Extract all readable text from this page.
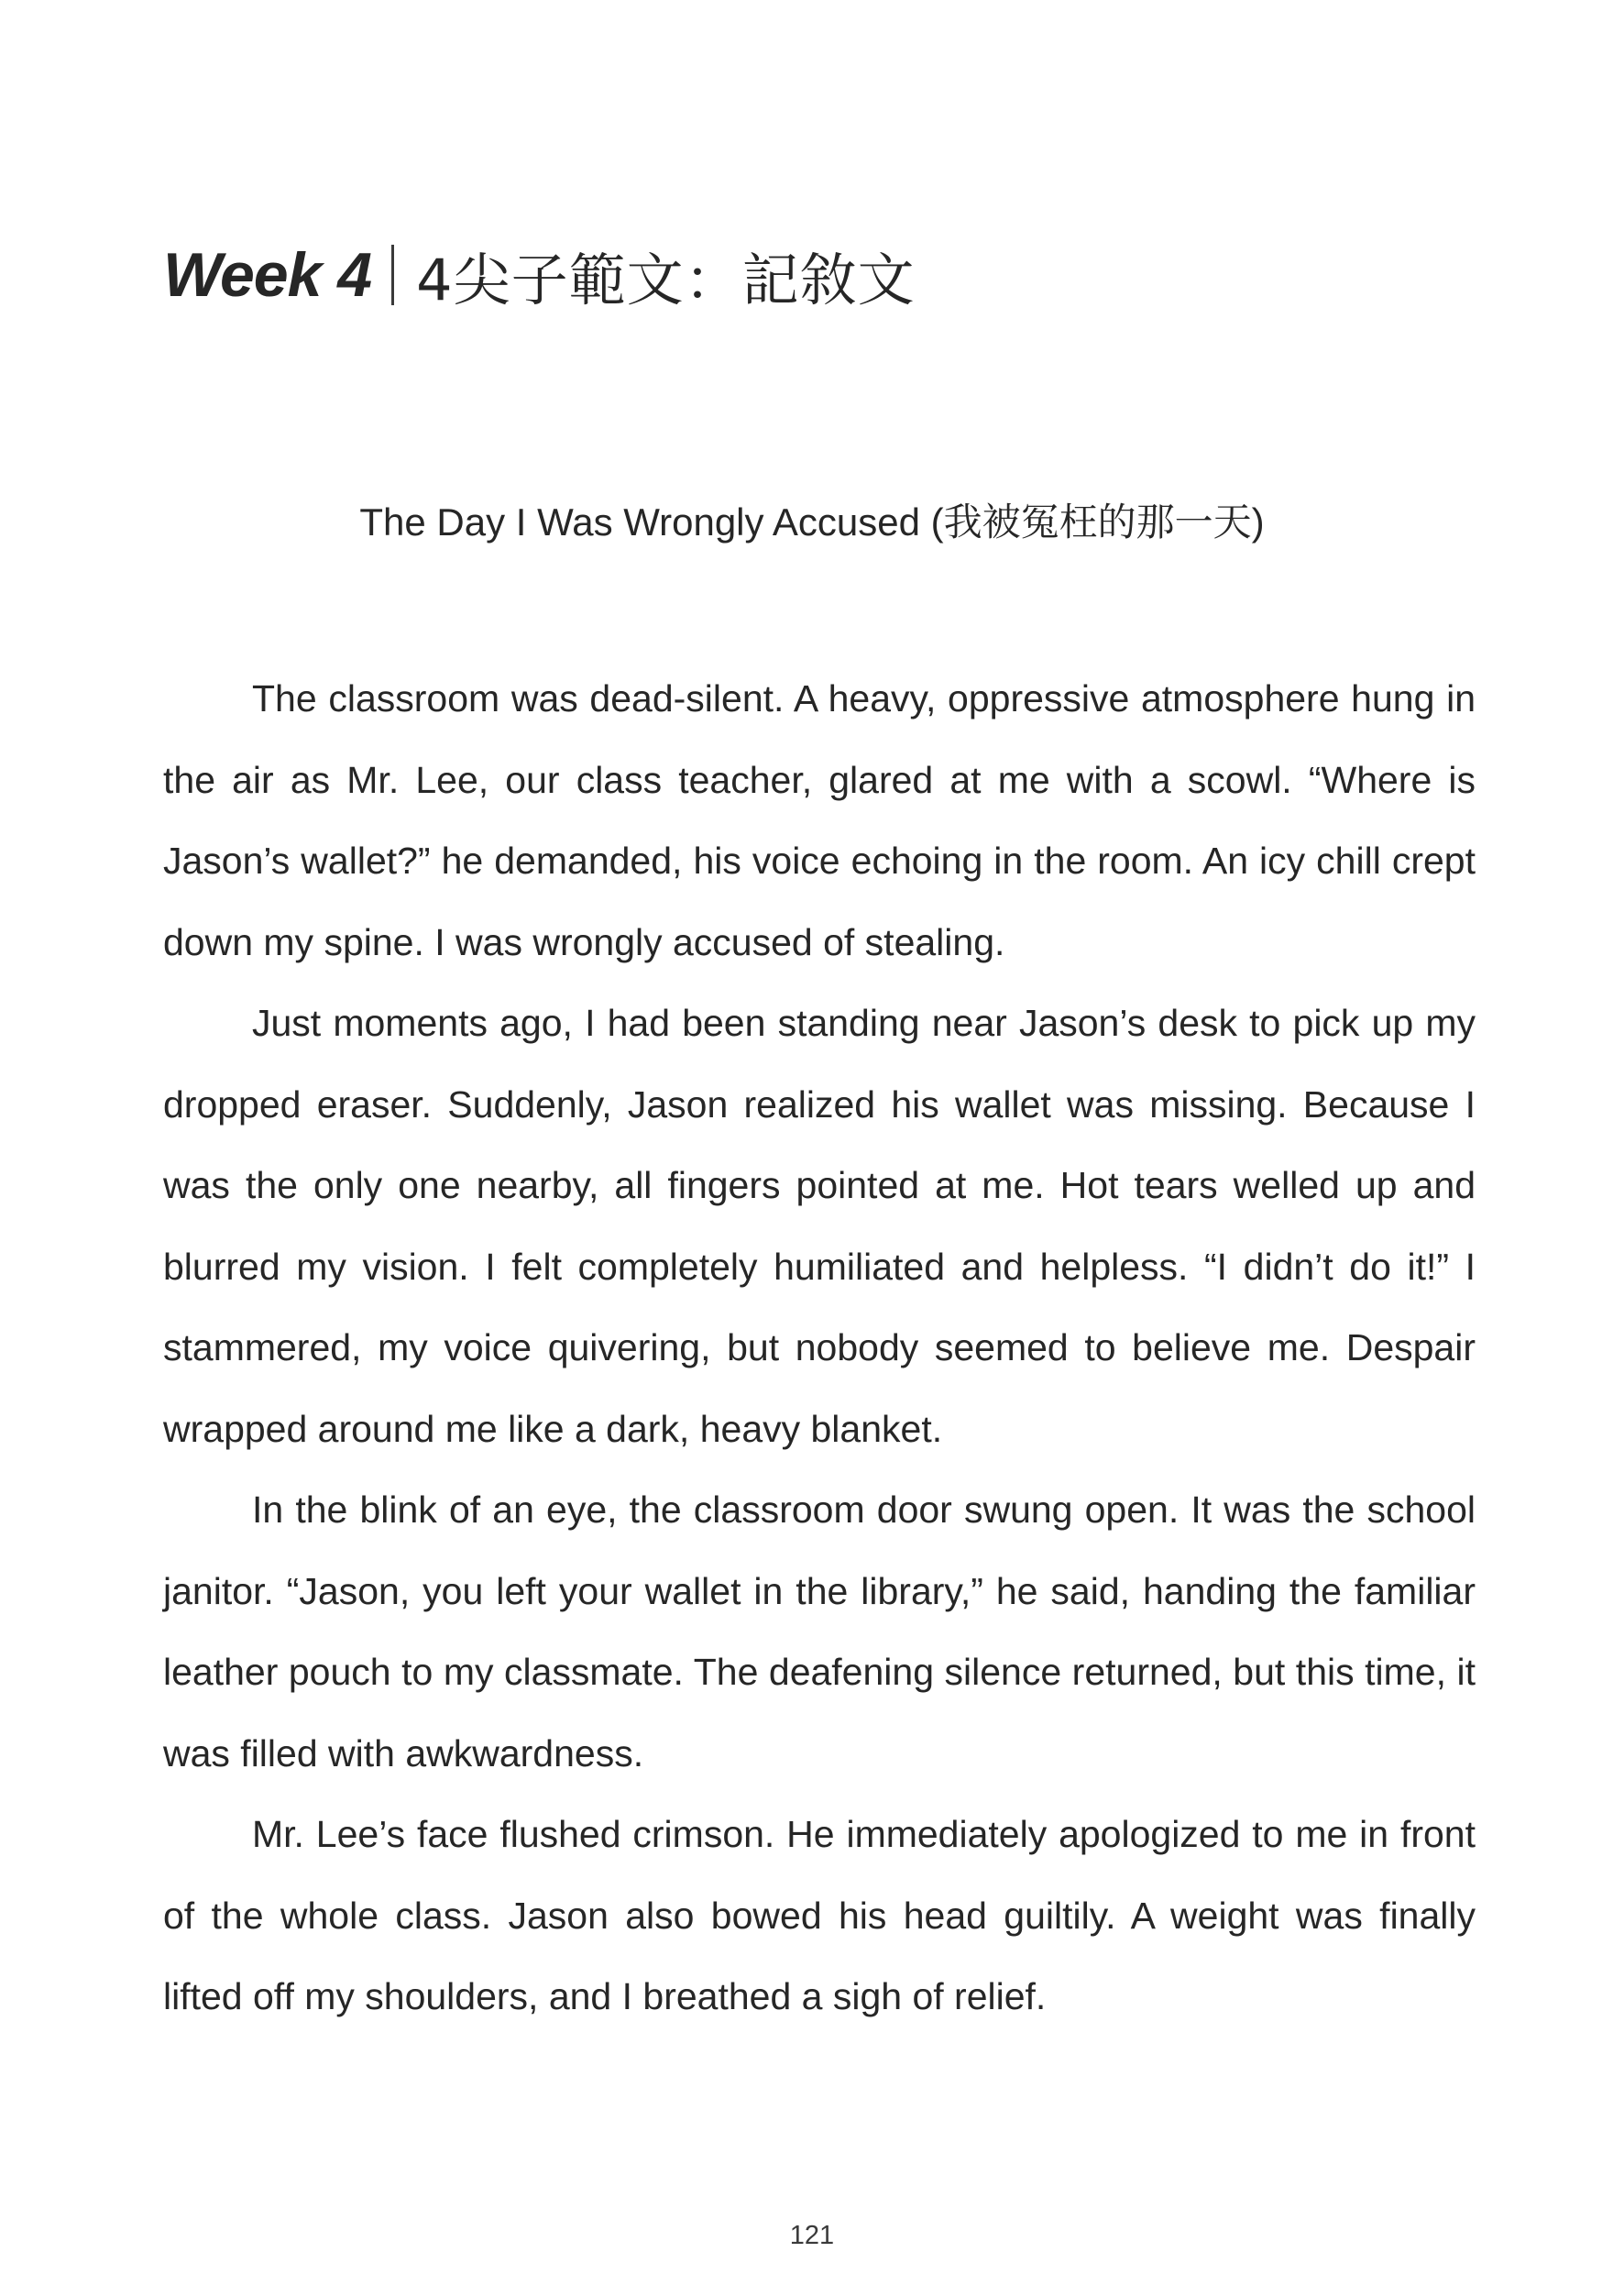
Week 4 4尖子範文：記敘文
The Day I Was Wrongly Accused (我被冤枉的那一天)

The classroom was dead-silent. A heavy, oppressive atmosphere hung in the air as Mr. Lee, our class teacher, glared at me with a scowl. “Where is Jason’s wallet?” he demanded, his voice echoing in the room. An icy chill crept down my spine. I was wrongly accused of stealing.

Just moments ago, I had been standing near Jason’s desk to pick up my dropped eraser. Suddenly, Jason realized his wallet was missing. Because I was the only one nearby, all fingers pointed at me. Hot tears welled up and blurred my vision. I felt completely humiliated and helpless. “I didn’t do it!” I stammered, my voice quivering, but nobody seemed to believe me. Despair wrapped around me like a dark, heavy blanket.

In the blink of an eye, the classroom door swung open. It was the school janitor. “Jason, you left your wallet in the library,” he said, handing the familiar leather pouch to my classmate. The deafening silence returned, but this time, it was filled with awkwardness.

Mr. Lee’s face flushed crimson. He immediately apologized to me in front of the whole class. Jason also bowed his head guiltily. A weight was finally lifted off my shoulders, and I breathed a sigh of relief.

121
